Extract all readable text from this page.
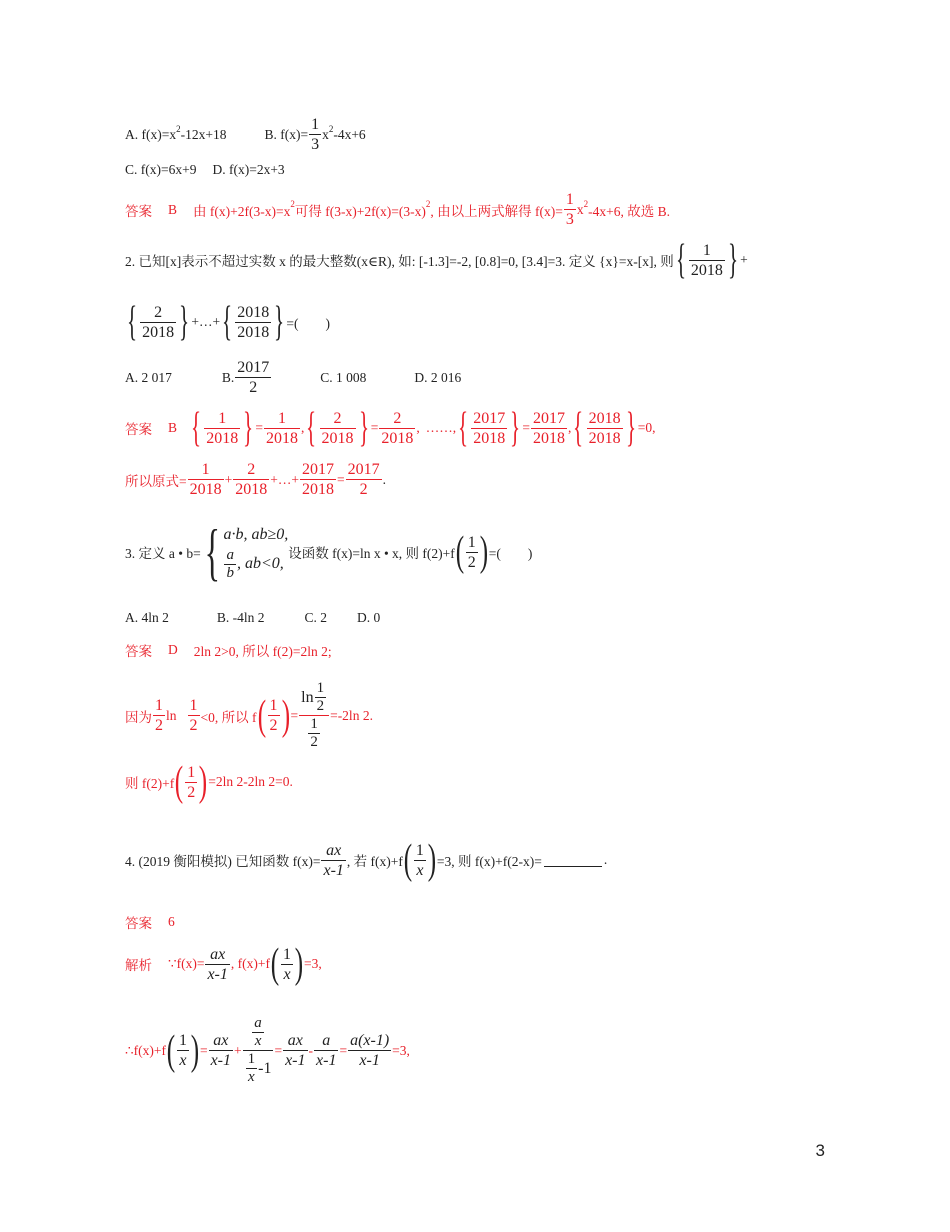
A. f(x)=x 2 -12x+18	B. $f(x)= \frac{1}{3}$ x 2 -4x+6
C. f(x)=6x+9 D. f(x)=2x+3
答案 B 由 f(x)+2f(3-x)=x 2 可得 f(3-x)+2f(x)=(3-x) 2 , 由以上两式解得 $f(x)= \frac{1}{3}$ x 2 -4x+6, 故选 B.
2. 已知[x]表示不超过实数 x 的最大整数(x∈R), 如: [-1.3]=-2, [0.8]=0, [3.4]=3. 定义 {x}=x-[x], 则 { $\frac{1}{2018}$ } +
{ $\frac{2}{2018}$ } +…+ { $\frac{2018}{2018}$ } =(　　)
A. 2 017	B. $\frac{2017}{2}$	C. 1 008	D. 2 016
答案 B { $\frac{1}{2018}$ } = $\frac{1}{2018}$ , { $\frac{2}{2018}$ } = $\frac{2}{2018}$ , ……, { $\frac{2017}{2018}$ } = $\frac{2017}{2018}$ , { $\frac{2018}{2018}$ } =0,
所以原式= $\frac{1}{2018} + \frac{2}{2018}$ +…+ $\frac{2017}{2018} = \frac{2017}{2}$ .
3. 定义 a • b= { a·b, ab≥0,
$\frac{a}{b}$ , ab<0,
设函数 f(x)=ln x • x, 则 f(2)+f ( $\frac{1}{2}$ ) =(　　)
A. 4ln 2	B. -4ln 2	C. 2 D. 0
答案 D 2ln 2>0, 所以 f(2)=2ln 2;
因为 $\frac{1}{2}$ $\ln \frac{1}{2} <0$, 所以 f ( $\frac{1}{2}$ ) = $\frac{\ln \frac{1}{2}}{\frac{1}{2}} =-2\ln$ 2.
则 f(2)+f ( $\frac{1}{2}$ ) =2ln 2-2ln 2=0.
4. (2019 衡阳模拟) 已知函数 $f(x)= \frac{ax}{x-1}$ , 若 f(x)+f ( $\frac{1}{x}$ ) =3, 则 f(x)+f(2-x)=	.
答案 6
解析 ∵f(x)= $\frac{ax}{x-1}$ , f(x)+f ( $\frac{1}{x}$ ) =3,
∴f(x)+f ( $\frac{1}{x}$ ) = $\frac{ax}{x-1} + \frac{\frac{a}{x}}{\frac{1}{x} -1} = \frac{ax}{x-1} - \frac{a}{x-1} = \frac{a(x-1)}{x-1} =3$,
3
